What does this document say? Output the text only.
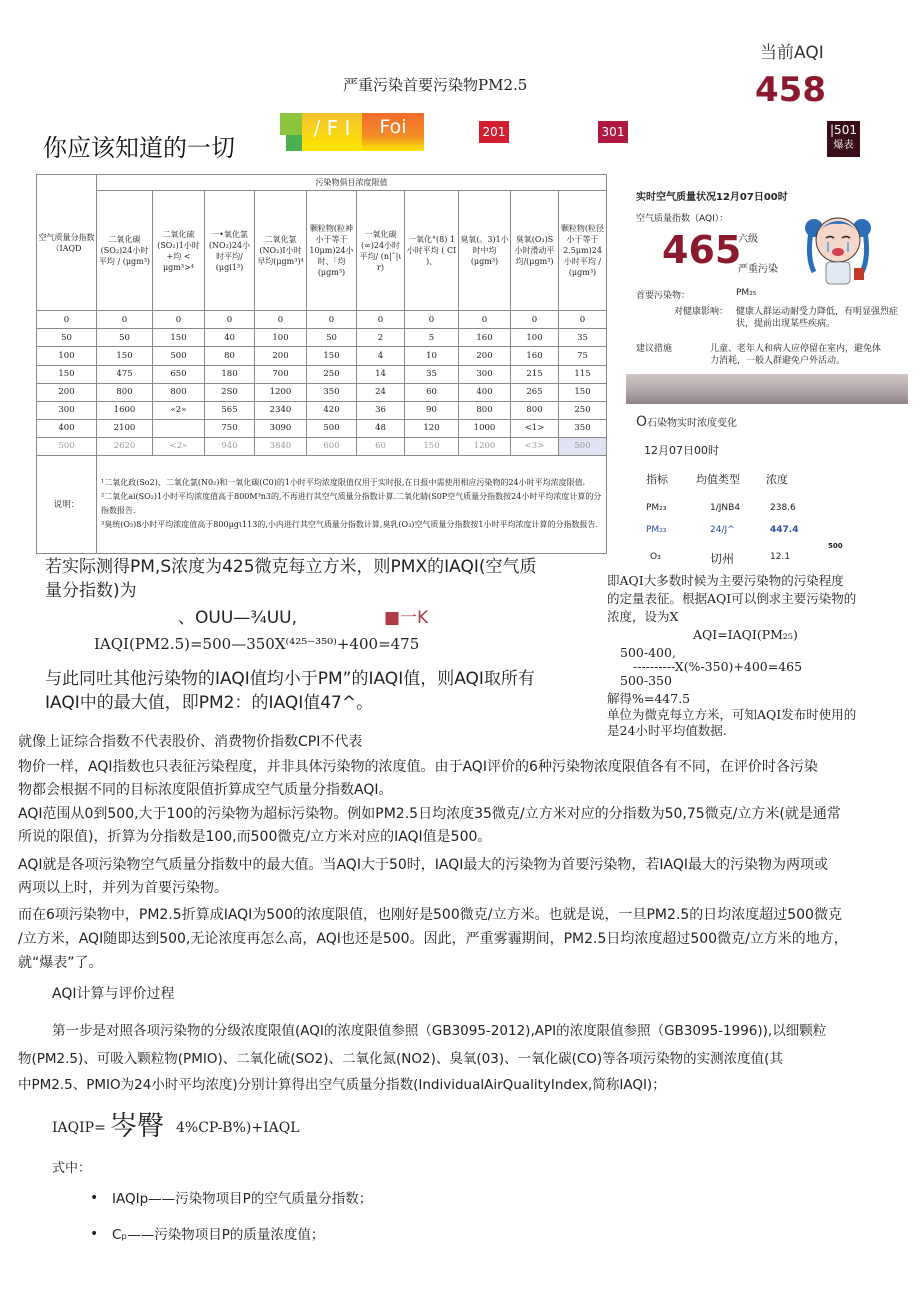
当前AQI
458
严重污染首要污染物PM2.5
你应该知道的一切
/ F I	Foi	201	301	|501
爆表
空气质量分指数（IAQD	污染物俱目浓度限值									
	二氧化碳(SO₂)24小时平均 / (μgm³)	二氧化硫(SO₂)1小时+均 < μgm³>⁴	一•氧化氯(NO₂)24小时平均/ (μgi1³)	二氧化氯(NO₂)I小时早均(μgm³)⁴	颗粒物(粒神小于等于10μm)24小时、「均(μgm³)	一氧化碳(∞)24小时平均/ (n|ˆ|ι r)	一氧化°(8) 1小时平均 ( CI )、	臭氧(。3)1小时中均(μgm³)	臭氧(O₃)S小时滑动平均/(μgm³)	颗粒物(粒径小于等于2.5μm)24小时平均 / (μgm³)
0	0	0	0	0	0	0	0	0	0	0
50	50	150	40	100	50	2	5	160	100	35
100	150	500	80	200	150	4	10	200	160	75
150	475	650	180	700	250	14	35	300	215	115
200	800	800	2S0	1200	350	24	60	400	265	150
300	1600	«2»	565	2340	420	36	90	800	800	250
400	2100		750	3090	500	48	120	1000	<1>	350
500	2620	<2»	940	3840	600	60	150	1200	<3>	500
说明：	¹二氧化政(So2)、二氧化氯(N0₂)和一氧化碳(C0)的1小时平均浓度限值仅用于实时报,在日报中需使用相应污染物的24小时平均浓度限值.
²二氧化ai(SO₂)1小时平均浓度值高于800M³n3的,不再进行其空气质量分指数计算.二氧化睛(S0P空气质量分指数按24小时平均浓度计算的分指数报告.
³臭统(O₃)8小时平均浓度值高于800μgι113的,小内进行其空气质量分指数计算,臭乳(O₃)空气质量分指数按1小时平均浓度计算的分指数报告.									
实时空气质量状况12月07日00时
空气质量指数（AQI）：
465
六级
严重污染
首要污染物：	PM₂₅
对健康影响： 健康人群运动耐受力降低，有明显强烈症
状，提前出现某些疾病。
建议措施	儿童、老年人和病人应停留在室内，避免体
力消耗，一般人群避免户外活动。
O石染物实时浓度变化
12月07日00时
指标	均值类型 浓度
PM₂₃	1/JNB4	238.6
PM₂₃	24/J^	447.4
500
O₃	切州	12.1
若实际测得PM,S浓度为425微克每立方米，则PMX的IAQI(空气质
量分指数)为
、OUU—¾UU,	■一K
IAQI(PM2.5)=500—350X⁽⁴²⁵⁻³⁵⁰⁾+400=475
与此同吐其他污染物的IAQI值均小于PM”的IAQI值，则AQI取所有
IAQI中的最大值，即PM2：的IAQI值47^。
即AQI大多数时候为主要污染物的污染程度
的定量表征。根据AQI可以倒求主要污染物的
浓度，设为X
AQI=IAQI(PM₂₅)
500-400,
----------X(%-350)+400=465
500-350
解得%=447.5
单位为微克每立方米，可知AQI发布时使用的
是24小时平均值数据.
就像上证综合指数不代表股价、消费物价指数CPI不代表
物价一样，AQI指数也只表征污染程度，并非具体污染物的浓度值。由于AQI评价的6种污染物浓度限值各有不同，在评价时各污染
物都会根据不同的目标浓度限值折算成空气质量分指数AQI。
AQI范围从0到500,大于100的污染物为超标污染物。例如PM2.5日均浓度35微克/立方米对应的分指数为50,75微克/立方米(就是通常
所说的限值)，折算为分指数是100,而500微克/立方米对应的IAQI值是500。
AQI就是各项污染物空气质量分指数中的最大值。当AQI大于50时，IAQI最大的污染物为首要污染物，若IAQI最大的污染物为两项或
两项以上时，并列为首要污染物。
而在6项污染物中，PM2.5折算成IAQI为500的浓度限值，也刚好是500微克/立方米。也就是说，一旦PM2.5的日均浓度超过500微克
/立方米，AQI随即达到500,无论浓度再怎么高，AQI也还是500。因此，严重雾霾期间，PM2.5日均浓度超过500微克/立方米的地方，
就“爆表”了。
AQI计算与评价过程
第一步是对照各项污染物的分级浓度限值(AQI的浓度限值参照（GB3095-2012),API的浓度限值参照（GB3095-1996)),以细颗粒
物(PM2.5)、可吸入颗粒物(PMIO)、二氧化硫(SO2)、二氧化氮(NO2)、臭氧(03)、一氧化碳(CO)等各项污染物的实测浓度值(其
中PM2.5、PMIO为24小时平均浓度)分别计算得出空气质量分指数(IndividualAirQualityIndex,简称IAQI)；
IAQIP= 岑臀 4%CP-B%)+IAQL
式中：
• IAQIp——污染物项目P的空气质量分指数；
• Cₚ——污染物项目P的质量浓度值；
